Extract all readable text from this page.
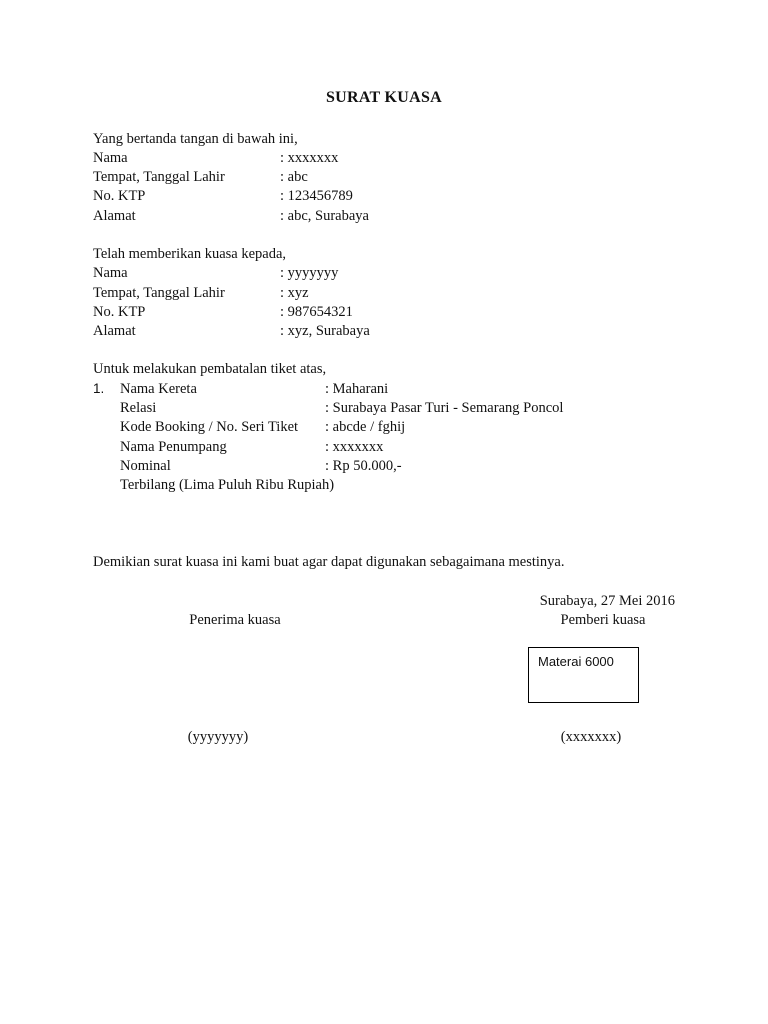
SURAT KUASA
Yang bertanda tangan di bawah ini,
Nama	: xxxxxxx
Tempat, Tanggal Lahir	: abc
No. KTP	: 123456789
Alamat	: abc, Surabaya
Telah memberikan kuasa kepada,
Nama	: yyyyyyy
Tempat, Tanggal Lahir	: xyz
No. KTP	: 987654321
Alamat	: xyz, Surabaya
Untuk melakukan pembatalan tiket atas,
1. Nama Kereta	: Maharani
Relasi	: Surabaya Pasar Turi - Semarang Poncol
Kode Booking / No. Seri Tiket : abcde / fghij
Nama Penumpang	: xxxxxxx
Nominal	: Rp 50.000,-
Terbilang (Lima Puluh Ribu Rupiah)
Demikian surat kuasa ini kami buat agar dapat digunakan sebagaimana mestinya.
Surabaya, 27 Mei 2016
Penerima kuasa	Pemberi kuasa
Materai 6000
(yyyyyyy)	(xxxxxxx)
